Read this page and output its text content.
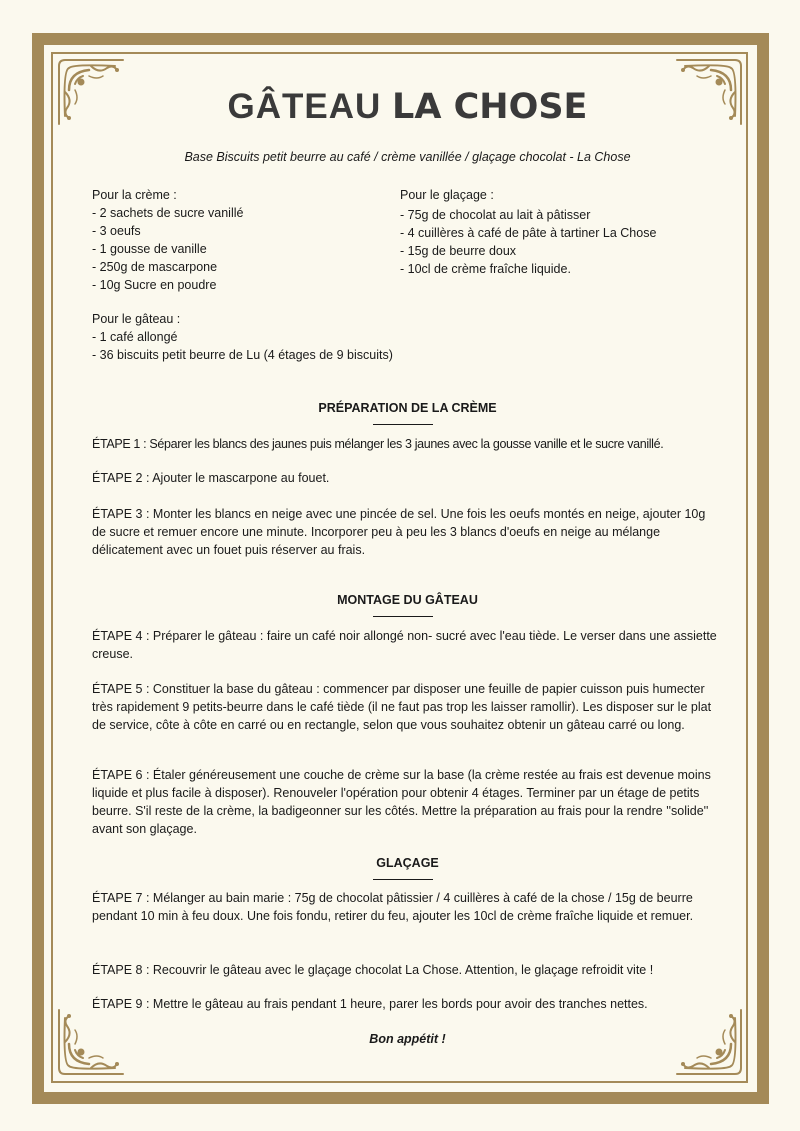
GÂTEAU LA CHOSE
Base Biscuits petit beurre au café / crème vanillée / glaçage chocolat - La Chose
Pour la crème :
- 2 sachets de sucre vanillé
- 3 oeufs
- 1 gousse de vanille
- 250g de mascarpone
- 10g Sucre en poudre
Pour le glaçage :
- 75g de chocolat au lait à pâtisser
- 4 cuillères à café de pâte à tartiner La Chose
- 15g de beurre doux
- 10cl de crème fraîche liquide.
Pour le gâteau :
- 1 café allongé
- 36 biscuits petit beurre de Lu (4 étages de 9 biscuits)
PRÉPARATION DE LA CRÈME
ÉTAPE 1 : Séparer les blancs des jaunes puis mélanger les 3 jaunes avec la gousse vanille et le sucre vanillé.
ÉTAPE 2 : Ajouter le mascarpone au fouet.
ÉTAPE 3 : Monter les blancs en neige avec une pincée de sel. Une fois les oeufs montés en neige, ajouter 10g de sucre et remuer encore une minute. Incorporer peu à peu les 3 blancs d'oeufs en neige au mélange délicatement avec un fouet puis réserver au frais.
MONTAGE DU GÂTEAU
ÉTAPE 4 : Préparer le gâteau : faire un café noir allongé non- sucré avec l'eau tiède. Le verser dans une assiette creuse.
ÉTAPE 5 : Constituer la base du gâteau : commencer par disposer une feuille de papier cuisson puis humecter très rapidement 9 petits-beurre dans le café tiède (il ne faut pas trop les laisser ramollir). Les disposer sur le plat de service, côte à côte en carré ou en rectangle, selon que vous souhaitez obtenir un gâteau carré ou long.
ÉTAPE 6 : Étaler généreusement une couche de crème sur la base (la crème restée au frais est devenue moins liquide et plus facile à disposer). Renouveler l'opération pour obtenir 4 étages. Terminer par un étage de petits beurre. S'il reste de la crème, la badigeonner sur les côtés. Mettre la préparation au frais pour la rendre ''solide'' avant son glaçage.
GLAÇAGE
ÉTAPE 7 : Mélanger au bain marie : 75g de chocolat pâtissier / 4 cuillères à café de la chose / 15g de beurre pendant 10 min à feu doux. Une fois fondu, retirer du feu, ajouter les 10cl de crème fraîche liquide et remuer.
ÉTAPE 8 : Recouvrir le gâteau avec le glaçage chocolat La Chose. Attention, le glaçage refroidit vite !
ÉTAPE 9 : Mettre le gâteau au frais pendant 1 heure, parer les bords pour avoir des tranches nettes.
Bon appétit !
